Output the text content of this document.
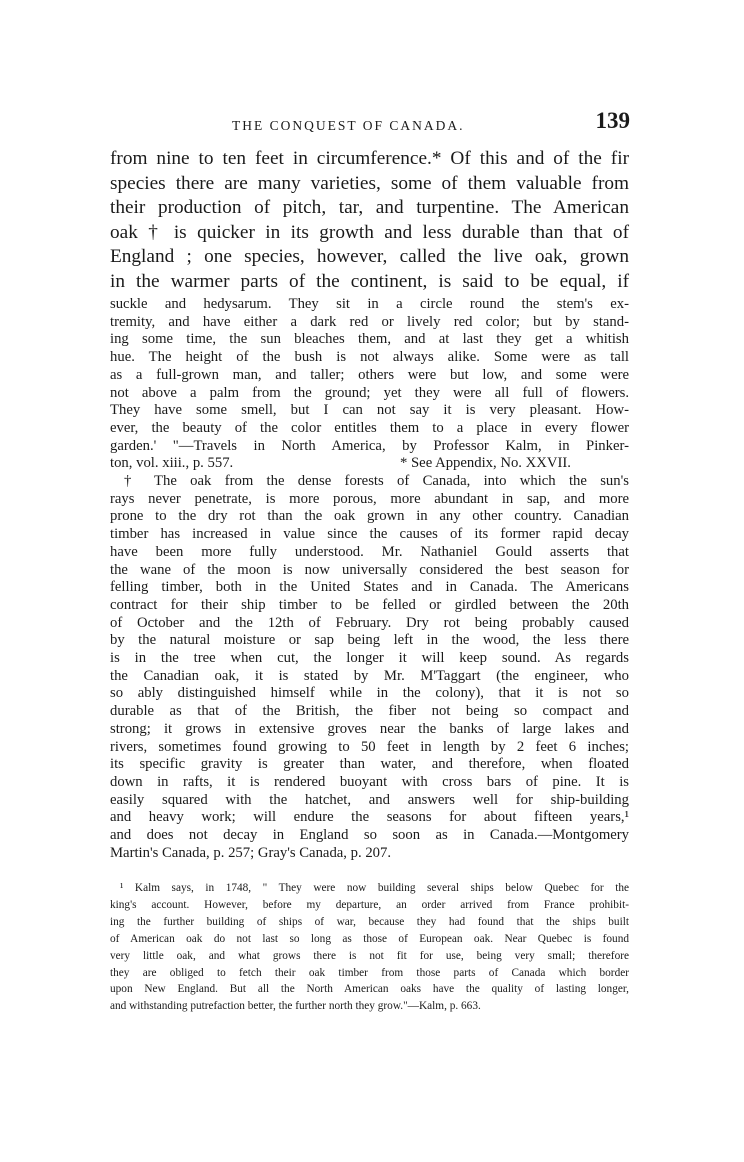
THE CONQUEST OF CANADA.	139
from nine to ten feet in circumference.* Of this and of the fir
species there are many varieties, some of them valuable from
their production of pitch, tar, and turpentine. The American
oak † is quicker in its growth and less durable than that of
England ; one species, however, called the live oak, grown
in the warmer parts of the continent, is said to be equal, if
suckle and hedysarum. They sit in a circle round the stem's ex-
tremity, and have either a dark red or lively red color; but by stand-
ing some time, the sun bleaches them, and at last they get a whitish
hue. The height of the bush is not always alike. Some were as tall
as a full-grown man, and taller; others were but low, and some were
not above a palm from the ground; yet they were all full of flowers.
They have some smell, but I can not say it is very pleasant. How-
ever, the beauty of the color entitles them to a place in every flower
garden.' "—Travels in North America, by Professor Kalm, in Pinker-
ton, vol. xiii., p. 557.	* See Appendix, No. XXVII.
† The oak from the dense forests of Canada, into which the sun's
rays never penetrate, is more porous, more abundant in sap, and more
prone to the dry rot than the oak grown in any other country. Canadian
timber has increased in value since the causes of its former rapid decay
have been more fully understood. Mr. Nathaniel Gould asserts that
the wane of the moon is now universally considered the best season for
felling timber, both in the United States and in Canada. The Americans
contract for their ship timber to be felled or girdled between the 20th
of October and the 12th of February. Dry rot being probably caused
by the natural moisture or sap being left in the wood, the less there
is in the tree when cut, the longer it will keep sound. As regards
the Canadian oak, it is stated by Mr. M'Taggart (the engineer, who
so ably distinguished himself while in the colony), that it is not so
durable as that of the British, the fiber not being so compact and
strong; it grows in extensive groves near the banks of large lakes and
rivers, sometimes found growing to 50 feet in length by 2 feet 6 inches;
its specific gravity is greater than water, and therefore, when floated
down in rafts, it is rendered buoyant with cross bars of pine. It is
easily squared with the hatchet, and answers well for ship-building
and heavy work; will endure the seasons for about fifteen years,¹
and does not decay in England so soon as in Canada.—Montgomery
Martin's Canada, p. 257; Gray's Canada, p. 207.
¹ Kalm says, in 1748, " They were now building several ships below Quebec for the
king's account. However, before my departure, an order arrived from France prohibit-
ing the further building of ships of war, because they had found that the ships built
of American oak do not last so long as those of European oak. Near Quebec is found
very little oak, and what grows there is not fit for use, being very small; therefore
they are obliged to fetch their oak timber from those parts of Canada which border
upon New England. But all the North American oaks have the quality of lasting longer,
and withstanding putrefaction better, the further north they grow."—Kalm, p. 663.
